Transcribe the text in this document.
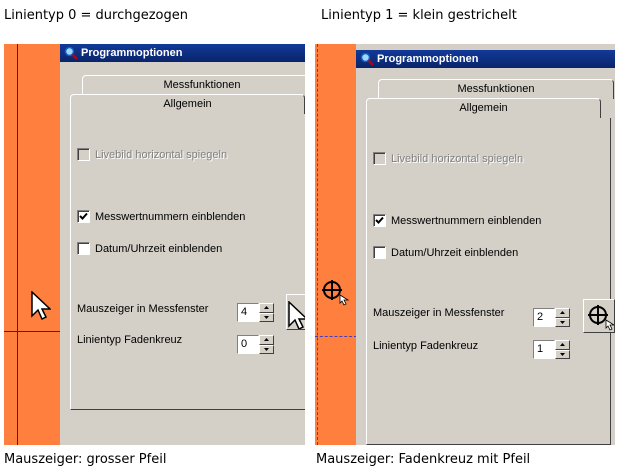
Linientyp 0 = durchgezogen	Linientyp 1 = klein gestrichelt
Mauszeiger: grosser Pfeil	Mauszeiger: Fadenkreuz mit Pfeil
Programmoptionen
Messfunktionen
Allgemein
Livebild horizontal spiegeln
Messwertnummern einblenden
Datum/Uhrzeit einblenden
Mauszeiger in Messfenster	4
Linientyp Fadenkreuz	0
Programmoptionen
Messfunktionen
Allgemein
Livebild horizontal spiegeln
Messwertnummern einblenden
Datum/Uhrzeit einblenden
Mauszeiger in Messfenster	2
Linientyp Fadenkreuz	1
